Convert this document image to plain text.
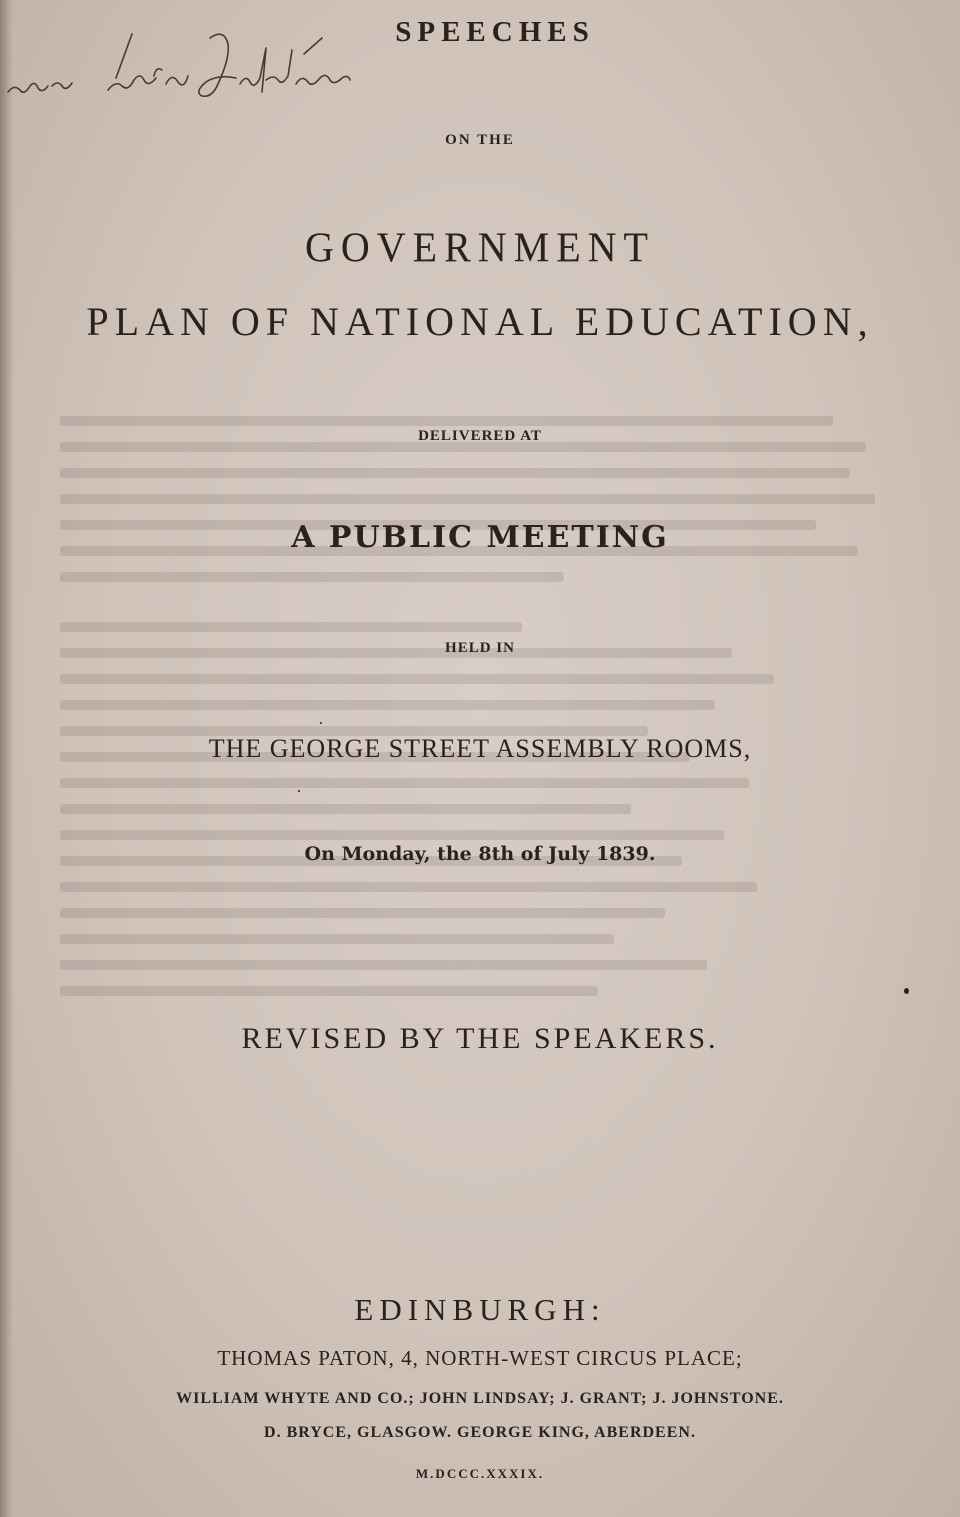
SPEECHES
ON THE
GOVERNMENT
PLAN OF NATIONAL EDUCATION,
DELIVERED AT
A PUBLIC MEETING
HELD IN
THE GEORGE STREET ASSEMBLY ROOMS,
On Monday, the 8th of July 1839.
REVISED BY THE SPEAKERS.
EDINBURGH:
THOMAS PATON, 4, NORTH-WEST CIRCUS PLACE;
WILLIAM WHYTE AND CO.; JOHN LINDSAY; J. GRANT; J. JOHNSTONE.
D. BRYCE, GLASGOW. GEORGE KING, ABERDEEN.
M.DCCC.XXXIX.
